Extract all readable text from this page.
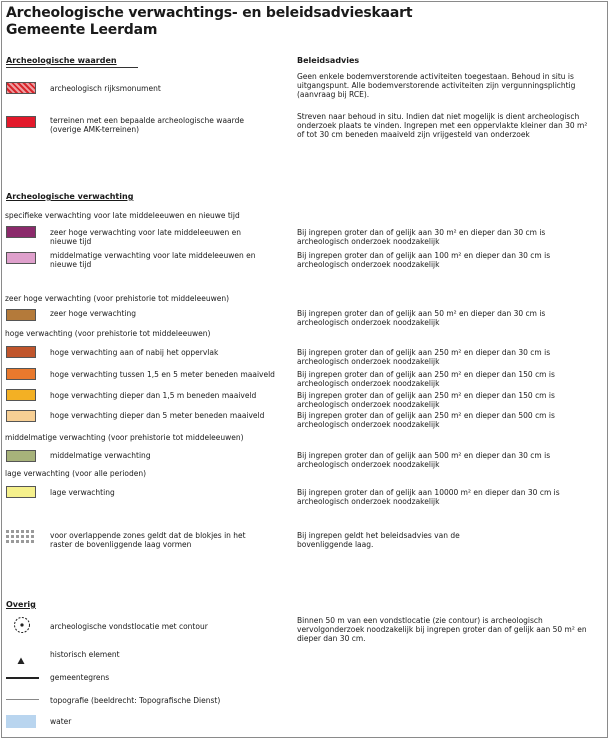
Archeologische verwachtings- en beleidsadvieskaart
Gemeente Leerdam
Archeologische waarden	Beleidsadvies
archeologisch rijksmonument
Geen enkele bodemverstorende activiteiten toegestaan. Behoud in situ is uitgangspunt. Alle bodemverstorende activiteiten zijn vergunningsplichtig (aanvraag bij RCE).
terreinen met een bepaalde archeologische waarde (overige AMK-terreinen)
Streven naar behoud in situ. Indien dat niet mogelijk is dient archeologisch onderzoek plaats te vinden. Ingrepen met een oppervlakte kleiner dan 30 m² of tot 30 cm beneden maaiveld zijn vrijgesteld van onderzoek
Archeologische verwachting
specifieke verwachting voor late middeleeuwen en nieuwe tijd
zeer hoge verwachting voor late middeleeuwen en nieuwe tijd
Bij ingrepen groter dan of gelijk aan 30 m² en dieper dan 30 cm is archeologisch onderzoek noodzakelijk
middelmatige verwachting voor late middeleeuwen en nieuwe tijd
Bij ingrepen groter dan of gelijk aan 100 m² en dieper dan 30 cm is archeologisch onderzoek noodzakelijk
zeer hoge verwachting (voor prehistorie tot middeleeuwen)
zeer hoge verwachting	Bij ingrepen groter dan of gelijk aan 50 m² en dieper dan 30 cm is archeologisch onderzoek noodzakelijk
hoge verwachting (voor prehistorie tot middeleeuwen)
hoge verwachting aan of nabij het oppervlak	Bij ingrepen groter dan of gelijk aan 250 m² en dieper dan 30 cm is archeologisch onderzoek noodzakelijk
hoge verwachting tussen 1,5 en 5 meter beneden maaiveld	Bij ingrepen groter dan of gelijk aan 250 m² en dieper dan 150 cm is archeologisch onderzoek noodzakelijk
hoge verwachting dieper dan 1,5 m beneden maaiveld	Bij ingrepen groter dan of gelijk aan 250 m² en dieper dan 150 cm is archeologisch onderzoek noodzakelijk
hoge verwachting dieper dan 5 meter beneden maaiveld	Bij ingrepen groter dan of gelijk aan 250 m² en dieper dan 500 cm is archeologisch onderzoek noodzakelijk
middelmatige verwachting (voor prehistorie tot middeleeuwen)
middelmatige verwachting	Bij ingrepen groter dan of gelijk aan 500 m² en dieper dan 30 cm is archeologisch onderzoek noodzakelijk
lage verwachting (voor alle perioden)
lage verwachting	Bij ingrepen groter dan of gelijk aan 10000 m² en dieper dan 30 cm is archeologisch onderzoek noodzakelijk
voor overlappende zones geldt dat de blokjes in het raster de bovenliggende laag vormen
Bij ingrepen geldt het beleidsadvies van de bovenliggende laag.
Overig
archeologische vondstlocatie met contour
Binnen 50 m van een vondstlocatie (zie contour) is archeologisch vervolgonderzoek noodzakelijk bij ingrepen groter dan of gelijk aan 50 m² en dieper dan 30 cm.
historisch element
gemeentegrens
topografie (beeldrecht: Topografische Dienst)
water
